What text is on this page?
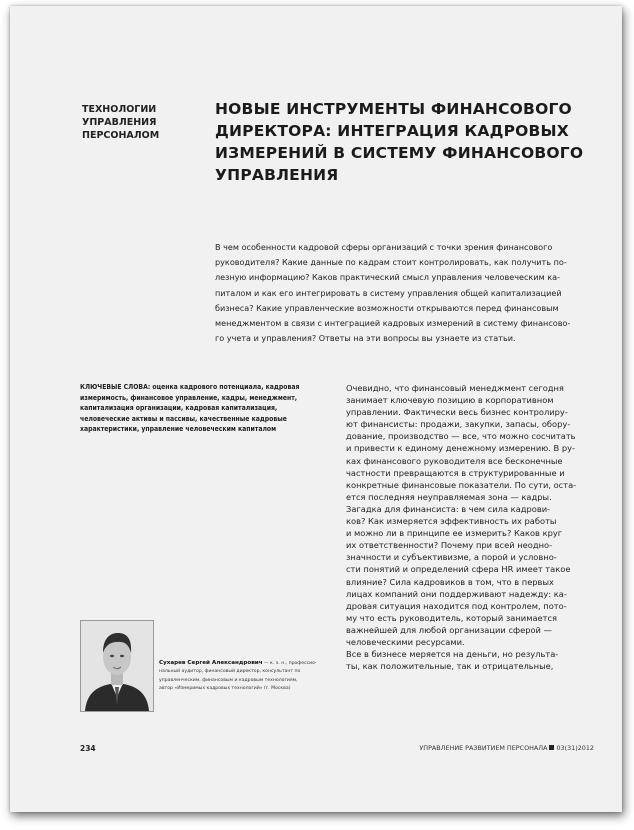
ТЕХНОЛОГИИ
УПРАВЛЕНИЯ
ПЕРСОНАЛОМ
НОВЫЕ ИНСТРУМЕНТЫ ФИНАНСОВОГО
ДИРЕКТОРА: ИНТЕГРАЦИЯ КАДРОВЫХ
ИЗМЕРЕНИЙ В СИСТЕМУ ФИНАНСОВОГО
УПРАВЛЕНИЯ
В чем особенности кадровой сферы организаций с точки зрения финансового
руководителя? Какие данные по кадрам стоит контролировать, как получить по-
лезную информацию? Каков практический смысл управления человеческим ка-
питалом и как его интегрировать в систему управления общей капитализацией
бизнеса? Какие управленческие возможности открываются перед финансовым
менеджментом в связи с интеграцией кадровых измерений в систему финансово-
го учета и управления? Ответы на эти вопросы вы узнаете из статьи.
КЛЮЧЕВЫЕ СЛОВА: оценка кадрового потенциала, кадровая
измеримость, финансовое управление, кадры, менеджмент,
капитализация организации, кадровая капитализация,
человеческие активы и пассивы, качественные кадровые
характеристики, управление человеческим капиталом
Сухарев Сергей Александрович — к. э. н., профессио-
нальный аудитор, финансовый директор, консультант по
управленческим, финансовым и кадровым технологиям,
автор «Измеримых кадровых технологий» (г. Москва)
Очевидно, что финансовый менеджмент сегодня
занимает ключевую позицию в корпоративном
управлении. Фактически весь бизнес контролиру-
ют финансисты: продажи, закупки, запасы, обору-
дование, производство — все, что можно сосчитать
и привести к единому денежному измерению. В ру-
ках финансового руководителя все бесконечные
частности превращаются в структурированные и
конкретные финансовые показатели. По сути, оста-
ется последняя неуправляемая зона — кадры.
Загадка для финансиста: в чем сила кадрови-
ков? Как измеряется эффективность их работы
и можно ли в принципе ее измерить? Каков круг
их ответственности? Почему при всей неодно-
значности и субъективизме, а порой и условно-
сти понятий и определений сфера HR имеет такое
влияние? Сила кадровиков в том, что в первых
лицах компаний они поддерживают надежду: ка-
дровая ситуация находится под контролем, пото-
му что есть руководитель, который занимается
важнейшей для любой организации сферой —
человеческими ресурсами.
Все в бизнесе меряется на деньги, но результа-
ты, как положительные, так и отрицательные,
234	УПРАВЛЕНИЕ РАЗВИТИЕМ ПЕРСОНАЛА 03(31)2012
